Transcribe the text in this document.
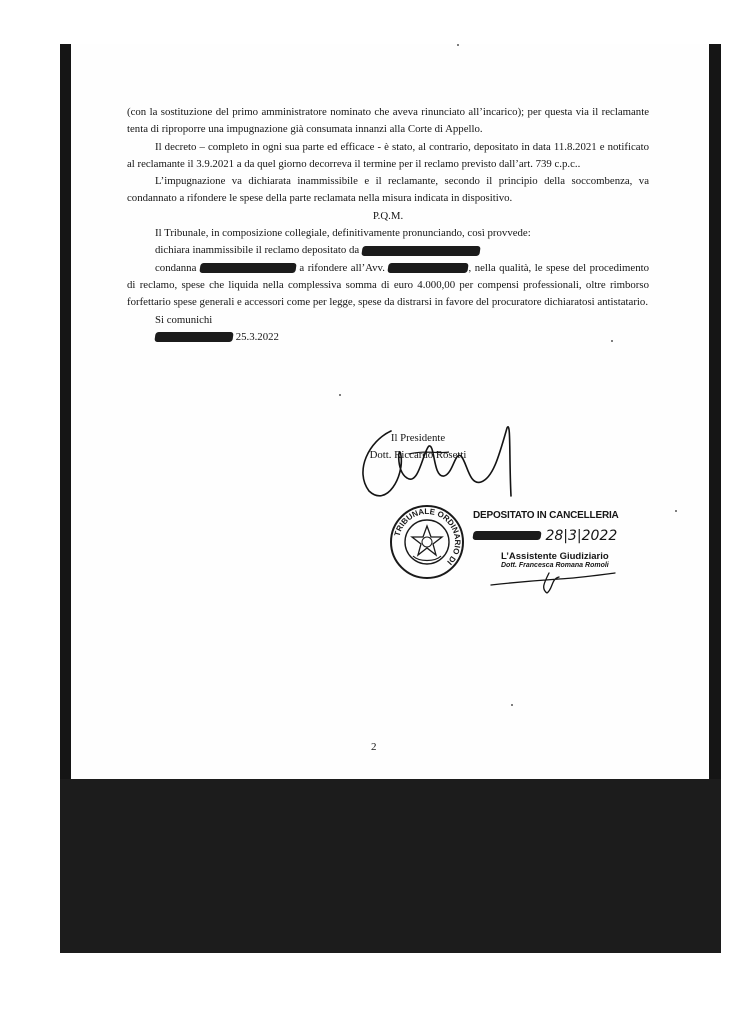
(con la sostituzione del primo amministratore nominato che aveva rinunciato all’incarico); per questa via il reclamante tenta di riproporre una impugnazione già consumata innanzi alla Corte di Appello.

Il decreto – completo in ogni sua parte ed efficace - è stato, al contrario, depositato in data 11.8.2021 e notificato al reclamante il 3.9.2021 a da quel giorno decorreva il termine per il reclamo previsto dall’art. 739 c.p.c..

L’impugnazione va dichiarata inammissibile e il reclamante, secondo il principio della soccombenza, va condannato a rifondere le spese della parte reclamata nella misura indicata in dispositivo.

P.Q.M.

Il Tribunale, in composizione collegiale, definitivamente pronunciando, così provvede:

dichiara inammissibile il reclamo depositato da

condanna	a rifondere all’Avv.	, nella qualità, le spese del procedimento di reclamo, spese che liquida nella complessiva somma di euro 4.000,00 per compensi professionali, oltre rimborso forfettario spese generali e accessori come per legge, spese da distrarsi in favore del procuratore dichiaratosi antistatario.

Si comunichi

25.3.2022

Il Presidente
Dott. Riccardo Rosetti
TRIBUNALE ORDINARIO DI
DEPOSITATO IN CANCELLERIA
28|3|2022
L’Assistente Giudiziario
Dott. Francesca Romana Romoli
2
